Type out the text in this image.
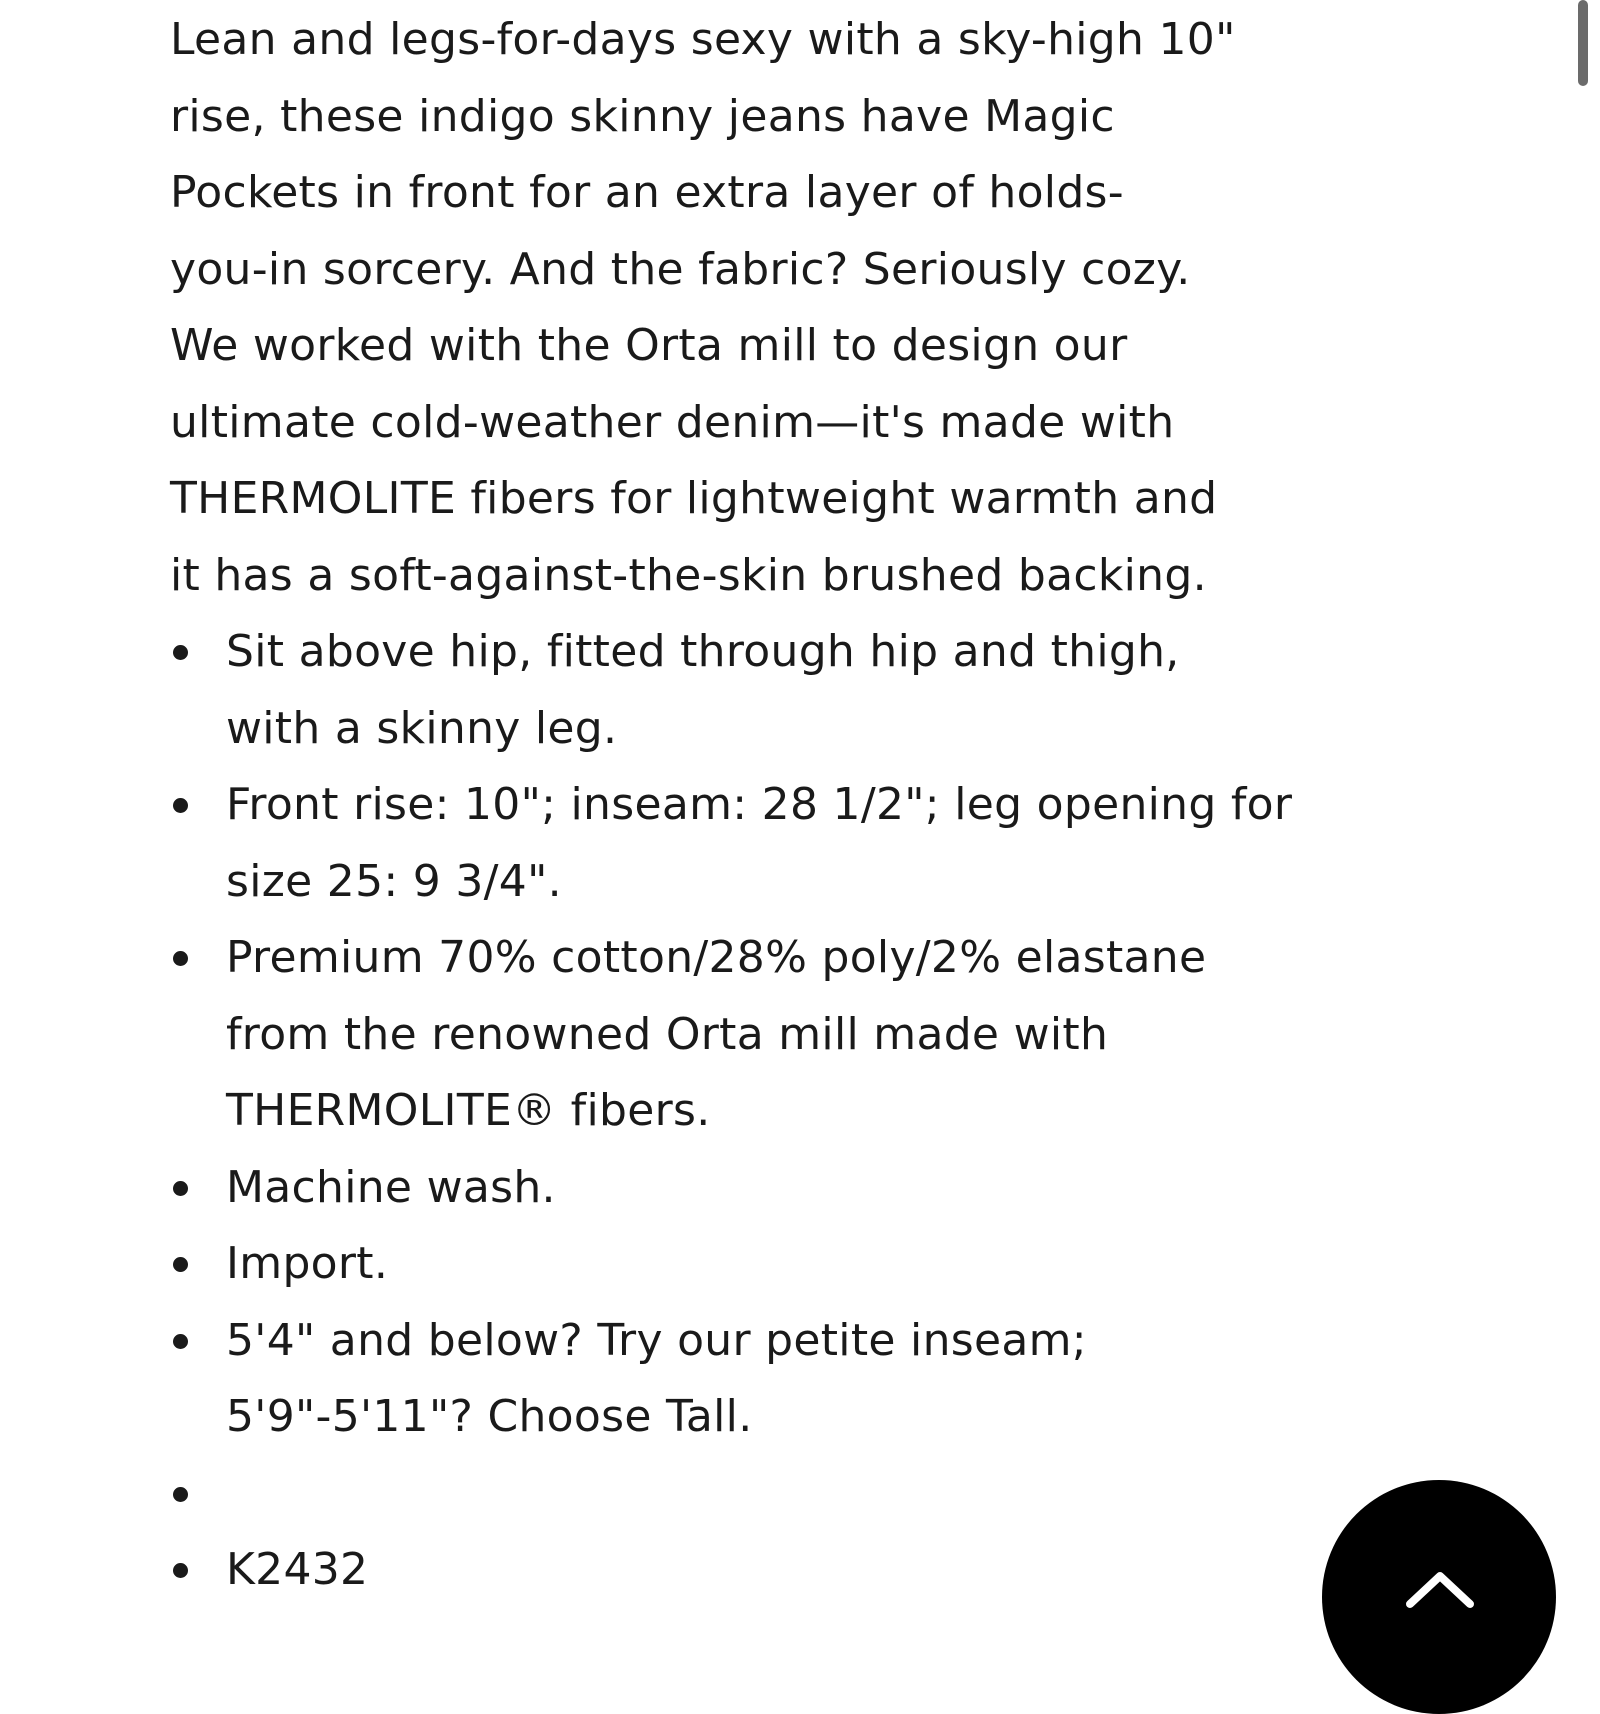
Lean and legs-for-days sexy with a sky-high 10"
rise, these indigo skinny jeans have Magic
Pockets in front for an extra layer of holds-
you-in sorcery. And the fabric? Seriously cozy.
We worked with the Orta mill to design our
ultimate cold-weather denim—it's made with
THERMOLITE fibers for lightweight warmth and
it has a soft-against-the-skin brushed backing.

Sit above hip, fitted through hip and thigh,
with a skinny leg.
Front rise: 10"; inseam: 28 1/2"; leg opening for
size 25: 9 3/4".
Premium 70% cotton/28% poly/2% elastane
from the renowned Orta mill made with
THERMOLITE® fibers.
Machine wash.
Import.
5'4" and below? Try our petite inseam;
5'9"-5'11"? Choose Tall.
K2432
